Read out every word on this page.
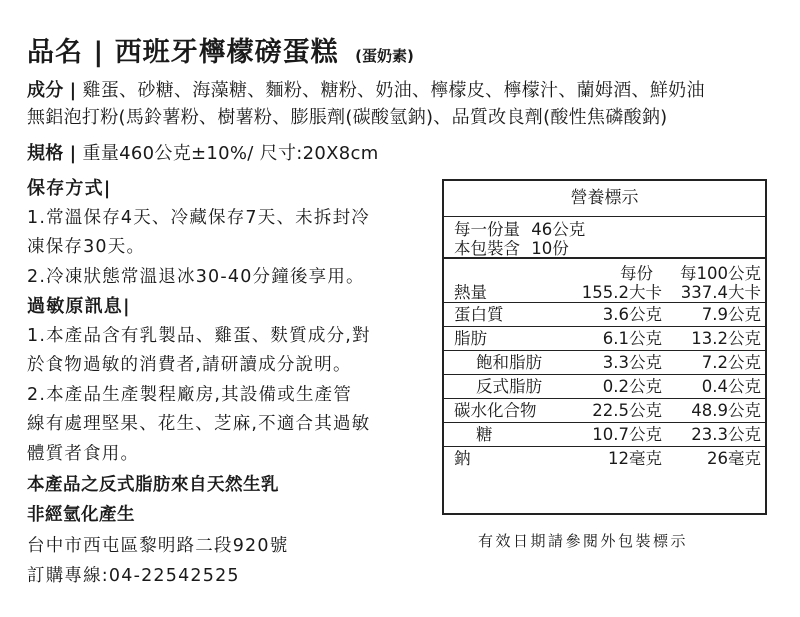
品名 | 西班牙檸檬磅蛋糕 (蛋奶素)
成分 | 雞蛋、砂糖、海藻糖、麵粉、糖粉、奶油、檸檬皮、檸檬汁、蘭姆酒、鮮奶油
無鋁泡打粉(馬鈴薯粉、樹薯粉、膨脹劑(碳酸氫鈉)、品質改良劑(酸性焦磷酸鈉)
規格 | 重量460公克±10%/ 尺寸:20X8cm
保存方式|
1.常溫保存4天、冷藏保存7天、未拆封冷
凍保存30天。
2.冷凍狀態常溫退冰30-40分鐘後享用。
過敏原訊息|
1.本產品含有乳製品、雞蛋、麩質成分,對
於食物過敏的消費者,請研讀成分說明。
2.本產品生產製程廠房,其設備或生產管
線有處理堅果、花生、芝麻,不適合其過敏
體質者食用。
本產品之反式脂肪來自天然生乳
非經氫化產生
台中市西屯區黎明路二段920號
訂購專線:04-22542525
營養標示
每一份量 46公克
本包裝含 10份
每份 每100公克
熱量	155.2大卡 337.4大卡
蛋白質	3.6公克 7.9公克
脂肪	6.1公克 13.2公克
飽和脂肪	3.3公克 7.2公克
反式脂肪	0.2公克 0.4公克
碳水化合物	22.5公克 48.9公克
糖	10.7公克 23.3公克
鈉	12毫克	26毫克
有效日期請參閱外包裝標示
